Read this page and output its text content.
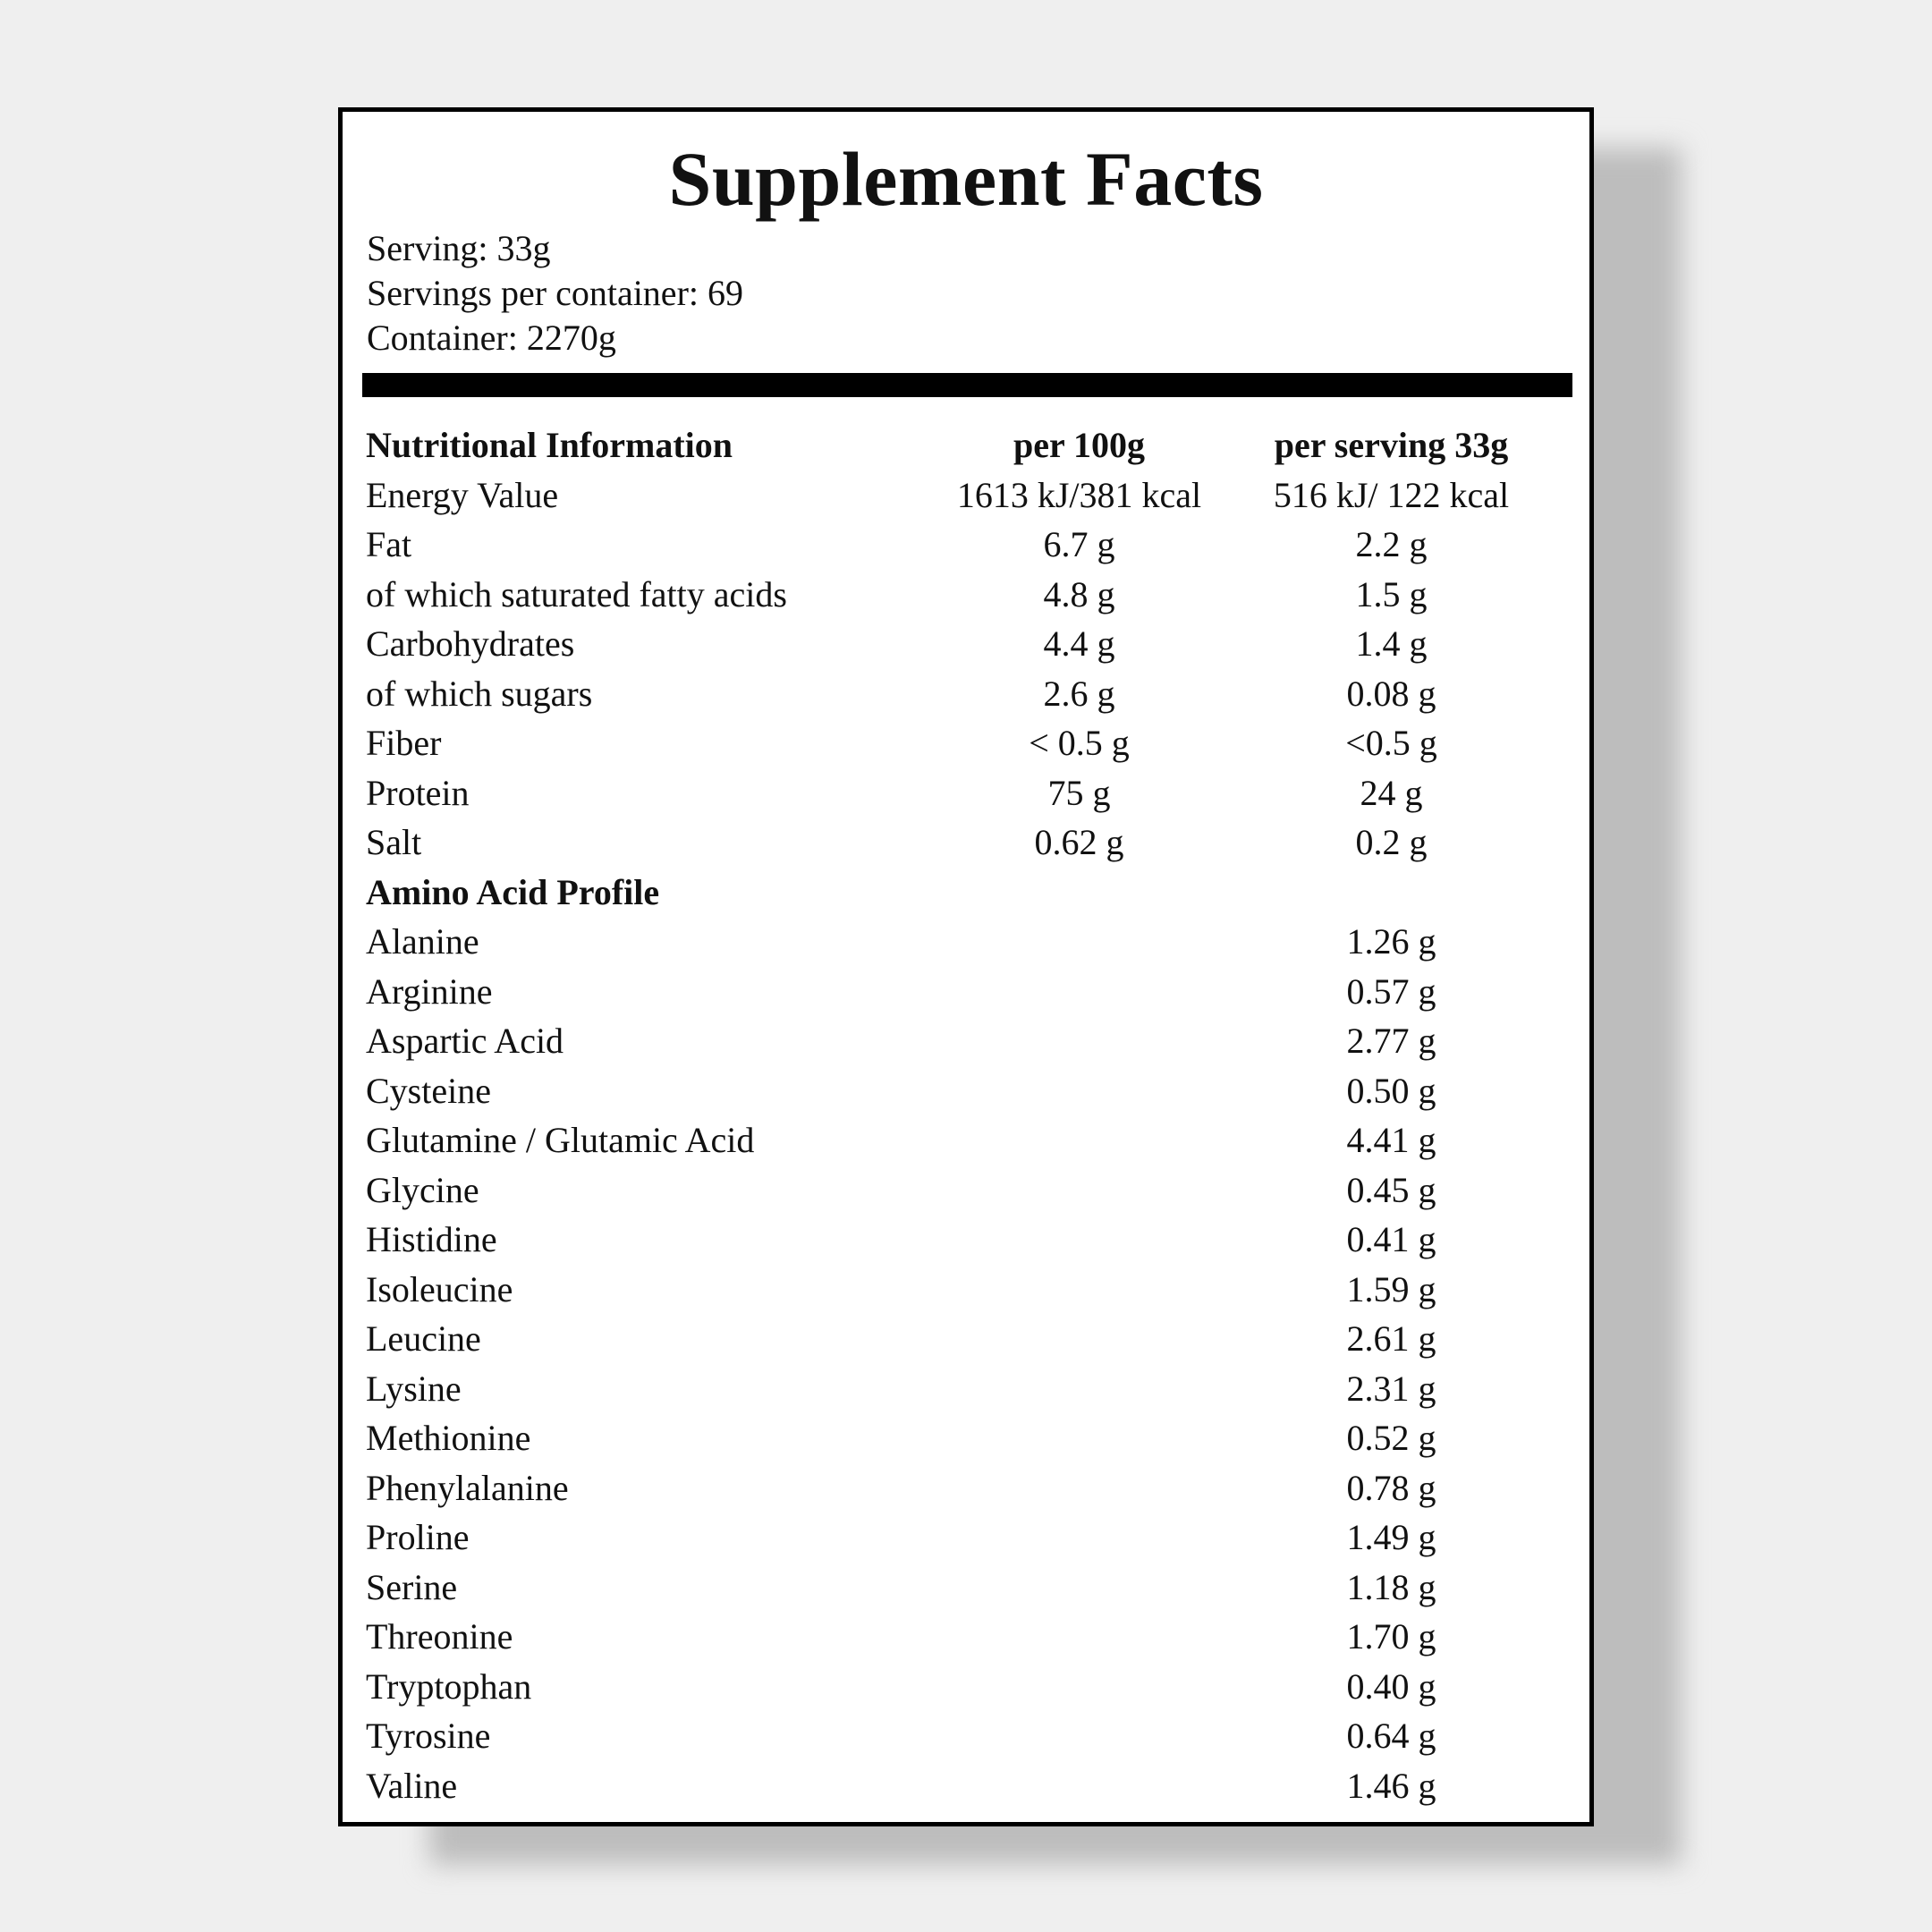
Supplement Facts
Serving: 33g
Servings per container: 69
Container: 2270g
Nutritional Information	per 100g	per serving 33g
Energy Value	1613 kJ/381 kcal	516 kJ/ 122 kcal
Fat	6.7 g	2.2 g
of which saturated fatty acids	4.8 g	1.5 g
Carbohydrates	4.4 g	1.4 g
of which sugars	2.6 g	0.08 g
Fiber	< 0.5 g	<0.5 g
Protein	75 g	24 g
Salt	0.62 g	0.2 g
Amino Acid Profile		
Alanine		1.26 g
Arginine		0.57 g
Aspartic Acid		2.77 g
Cysteine		0.50 g
Glutamine / Glutamic Acid		4.41 g
Glycine		0.45 g
Histidine		0.41 g
Isoleucine		1.59 g
Leucine		2.61 g
Lysine		2.31 g
Methionine		0.52 g
Phenylalanine		0.78 g
Proline		1.49 g
Serine		1.18 g
Threonine		1.70 g
Tryptophan		0.40 g
Tyrosine		0.64 g
Valine		1.46 g
